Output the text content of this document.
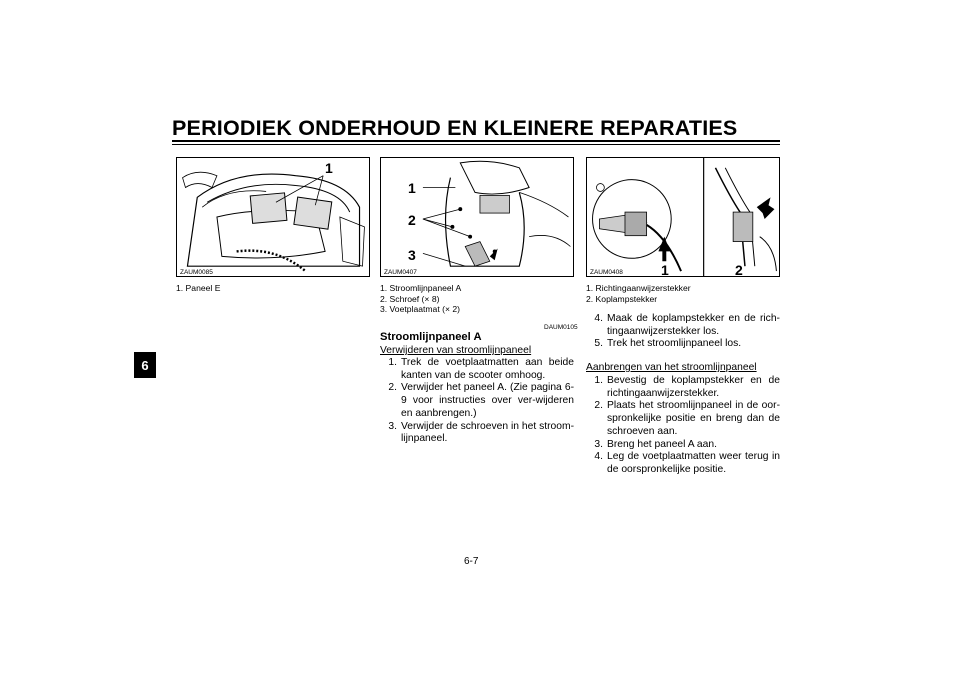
PERIODIEK ONDERHOUD EN KLEINERE REPARATIES
6
1
ZAUM0085
1. Paneel E
1
2
3
ZAUM0407
1. Stroomlijnpaneel A
2. Schroef (× 8)
3. Voetplaatmat (× 2)
1	2
ZAUM0408
1. Richtingaanwijzerstekker
2. Koplampstekker
DAUM0105
Stroomlijnpaneel A
Verwijderen van stroomlijnpaneel
1. Trek de voetplaatmatten aan beide kanten van de scooter omhoog.
2. Verwijder het paneel A. (Zie pagina 6-9 voor instructies over ver-wijderen en aanbrengen.)
3. Verwijder de schroeven in het stroom-lijnpaneel.
4. Maak de koplampstekker en de rich-tingaanwijzerstekker los.
5. Trek het stroomlijnpaneel los.
Aanbrengen van het stroomlijnpaneel
1. Bevestig de koplampstekker en de richtingaanwijzerstekker.
2. Plaats het stroomlijnpaneel in de oor-spronkelijke positie en breng dan de schroeven aan.
3. Breng het paneel A aan.
4. Leg de voetplaatmatten weer terug in de oorspronkelijke positie.
6-7
